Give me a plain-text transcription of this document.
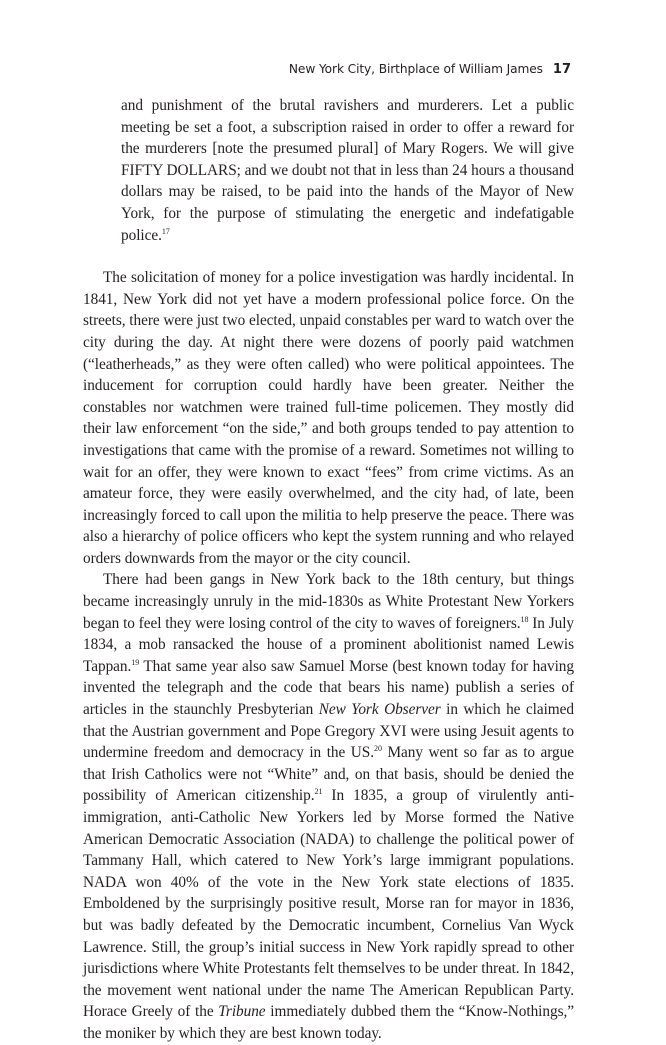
New York City, Birthplace of William James 17

and punishment of the brutal ravishers and murderers. Let a public meeting be set a foot, a subscription raised in order to offer a reward for the murderers [note the presumed plural] of Mary Rogers. We will give FIFTY DOLLARS; and we doubt not that in less than 24 hours a thousand dollars may be raised, to be paid into the hands of the Mayor of New York, for the purpose of stimulating the energetic and indefatigable police.$^{17}$

The solicitation of money for a police investigation was hardly incidental. In 1841, New York did not yet have a modern professional police force. On the streets, there were just two elected, unpaid constables per ward to watch over the city during the day. At night there were dozens of poorly paid watchmen (“leatherheads,” as they were often called) who were political appointees. The inducement for corruption could hardly have been greater. Neither the constables nor watchmen were trained full-time policemen. They mostly did their law enforcement “on the side,” and both groups tended to pay attention to investigations that came with the promise of a reward. Sometimes not willing to wait for an offer, they were known to exact “fees” from crime victims. As an amateur force, they were easily overwhelmed, and the city had, of late, been increasingly forced to call upon the militia to help preserve the peace. There was also a hierarchy of police officers who kept the system running and who relayed orders downwards from the mayor or the city council.

There had been gangs in New York back to the 18th century, but things became increasingly unruly in the mid-1830s as White Protestant New Yorkers began to feel they were losing control of the city to waves of foreigners.$^{18}$ In July 1834, a mob ransacked the house of a prominent abolitionist named Lewis Tappan.$^{19}$ That same year also saw Samuel Morse (best known today for having invented the telegraph and the code that bears his name) publish a series of articles in the staunchly Presbyterian New York Observer in which he claimed that the Austrian government and Pope Gregory XVI were using Jesuit agents to undermine freedom and democracy in the US.$^{20}$ Many went so far as to argue that Irish Catholics were not “White” and, on that basis, should be denied the possibility of American citizenship.$^{21}$ In 1835, a group of virulently anti-immigration, anti-Catholic New Yorkers led by Morse formed the Native American Democratic Association (NADA) to challenge the political power of Tammany Hall, which catered to New York’s large immigrant populations. NADA won 40% of the vote in the New York state elections of 1835. Emboldened by the surprisingly positive result, Morse ran for mayor in 1836, but was badly defeated by the Democratic incumbent, Cornelius Van Wyck Lawrence. Still, the group’s initial success in New York rapidly spread to other jurisdictions where White Protestants felt themselves to be under threat. In 1842, the movement went national under the name The American Republican Party. Horace Greely of the Tribune immediately dubbed them the “Know-Nothings,” the moniker by which they are best known today.
